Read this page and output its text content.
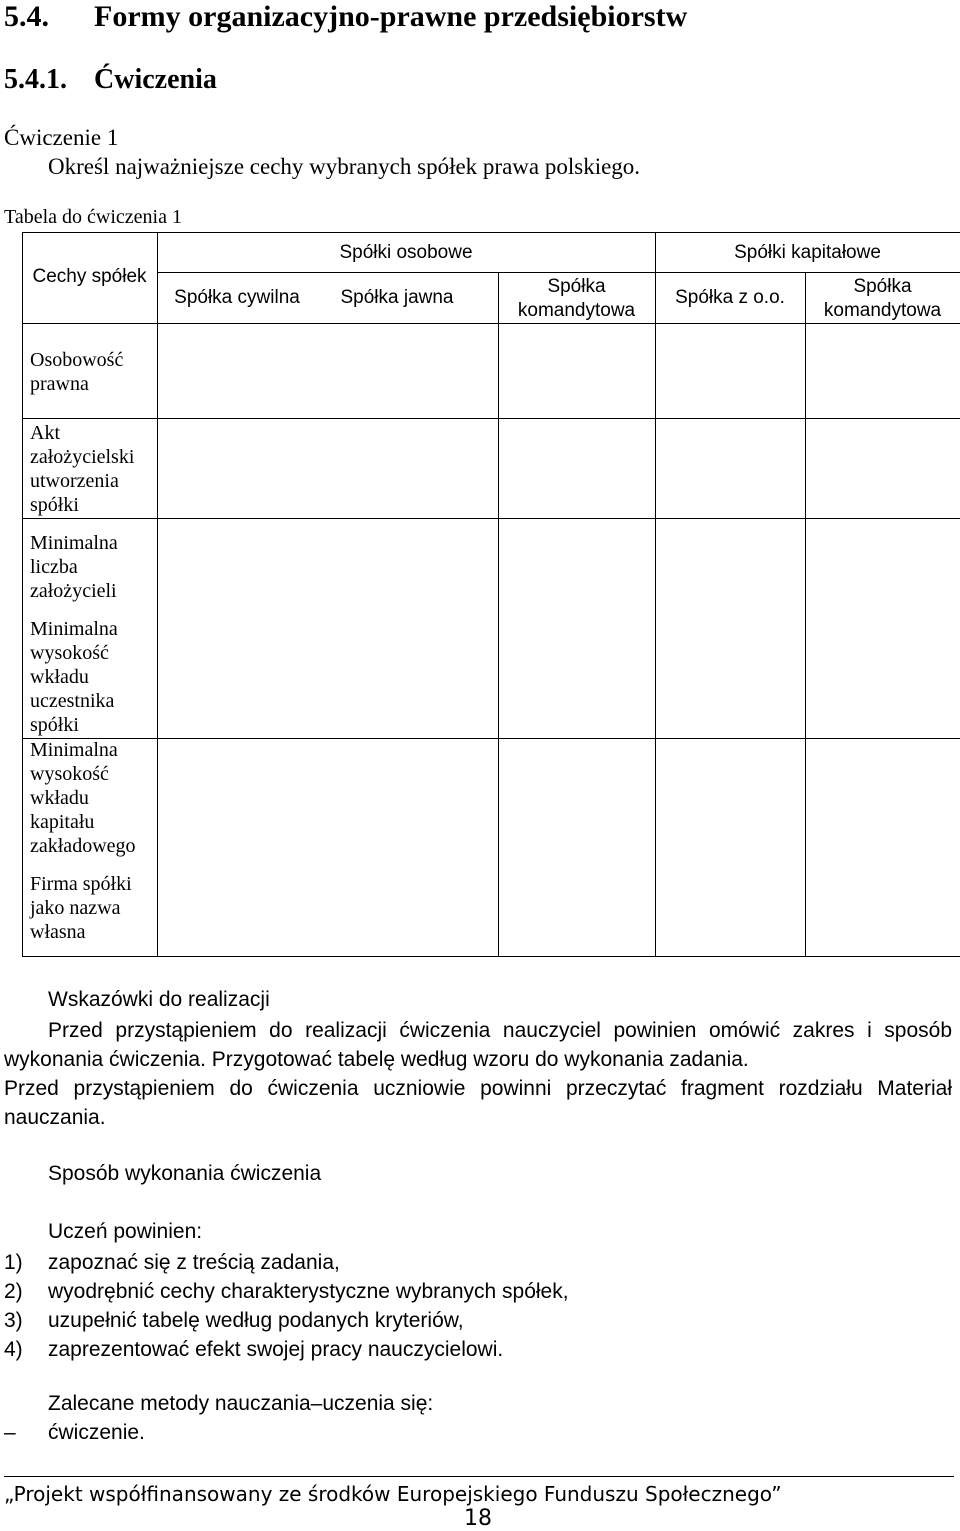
5.4. Formy organizacyjno-prawne przedsiębiorstw
5.4.1. Ćwiczenia
Ćwiczenie 1
Określ najważniejsze cechy wybranych spółek prawa polskiego.
Tabela do ćwiczenia 1
Cechy spółek
Spółki osobowe	Spółki kapitałowe
Spółka cywilna	Spółka jawna
Spółka
komandytowa
Spółka z o.o.
Spółka
komandytowa
Osobowość
prawna
Akt
założycielski
utworzenia
spółki
Minimalna
liczba
założycieli
Minimalna
wysokość
wkładu
uczestnika
spółki
Minimalna
wysokość
wkładu
kapitału
zakładowego
Firma spółki
jako nazwa
własna
Wskazówki do realizacji

Przed przystąpieniem do realizacji ćwiczenia nauczyciel powinien omówić zakres i sposób wykonania ćwiczenia. Przygotować tabelę według wzoru do wykonania zadania.

Przed przystąpieniem do ćwiczenia uczniowie powinni przeczytać fragment rozdziału Materiał nauczania.

Sposób wykonania ćwiczenia
Uczeń powinien:
1) zapoznać się z treścią zadania,
2) wyodrębnić cechy charakterystyczne wybranych spółek,
3) uzupełnić tabelę według podanych kryteriów,
4) zaprezentować efekt swojej pracy nauczycielowi.
Zalecane metody nauczania–uczenia się:
– ćwiczenie.
„Projekt współfinansowany ze środków Europejskiego Funduszu Społecznego”
18
